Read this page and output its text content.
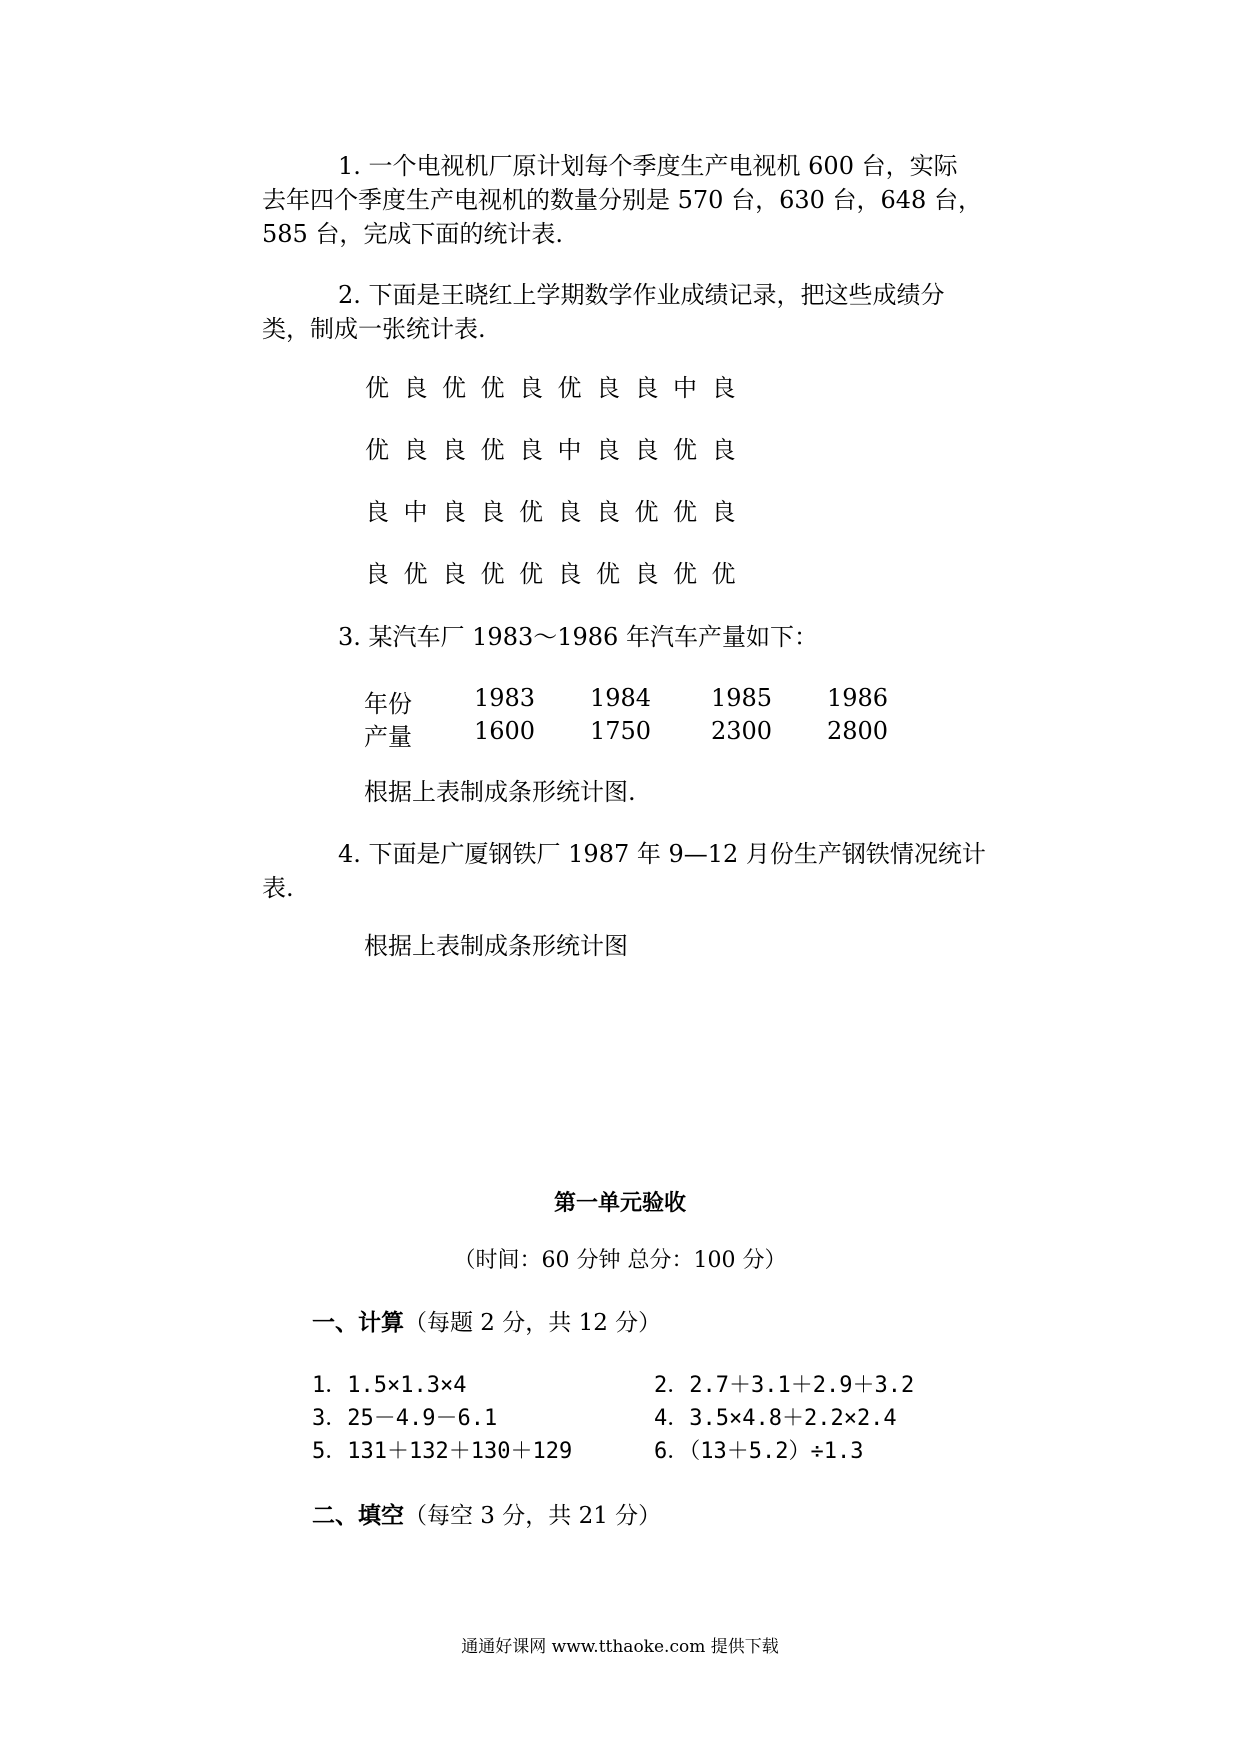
1. 一个电视机厂原计划每个季度生产电视机 600 台，实际
去年四个季度生产电视机的数量分别是 570 台，630 台，648 台，
585 台，完成下面的统计表.
2. 下面是王晓红上学期数学作业成绩记录，把这些成绩分
类，制成一张统计表.
优 良 优 优 良 优 良 良 中 良
优 良 良 优 良 中 良 良 优 良
良 中 良 良 优 良 良 优 优 良
良 优 良 优 优 良 优 良 优 优
3. 某汽车厂 1983～1986 年汽车产量如下：
年份	1983 1984 1985 1986
产量	1600 1750 2300 2800
根据上表制成条形统计图.
4. 下面是广厦钢铁厂 1987 年 9—12 月份生产钢铁情况统计
表.
根据上表制成条形统计图
第一单元验收
（时间：60 分钟 总分：100 分）
一、计算（每题 2 分，共 12 分）
1．1.5×1.3×4	2．2.7＋3.1＋2.9＋3.2
3．25－4.9－6.1	4．3.5×4.8＋2.2×2.4
5．131＋132＋130＋129	6．（13＋5.2）÷1.3
二、填空（每空 3 分，共 21 分）
通通好课网 www.tthaoke.com 提供下载
